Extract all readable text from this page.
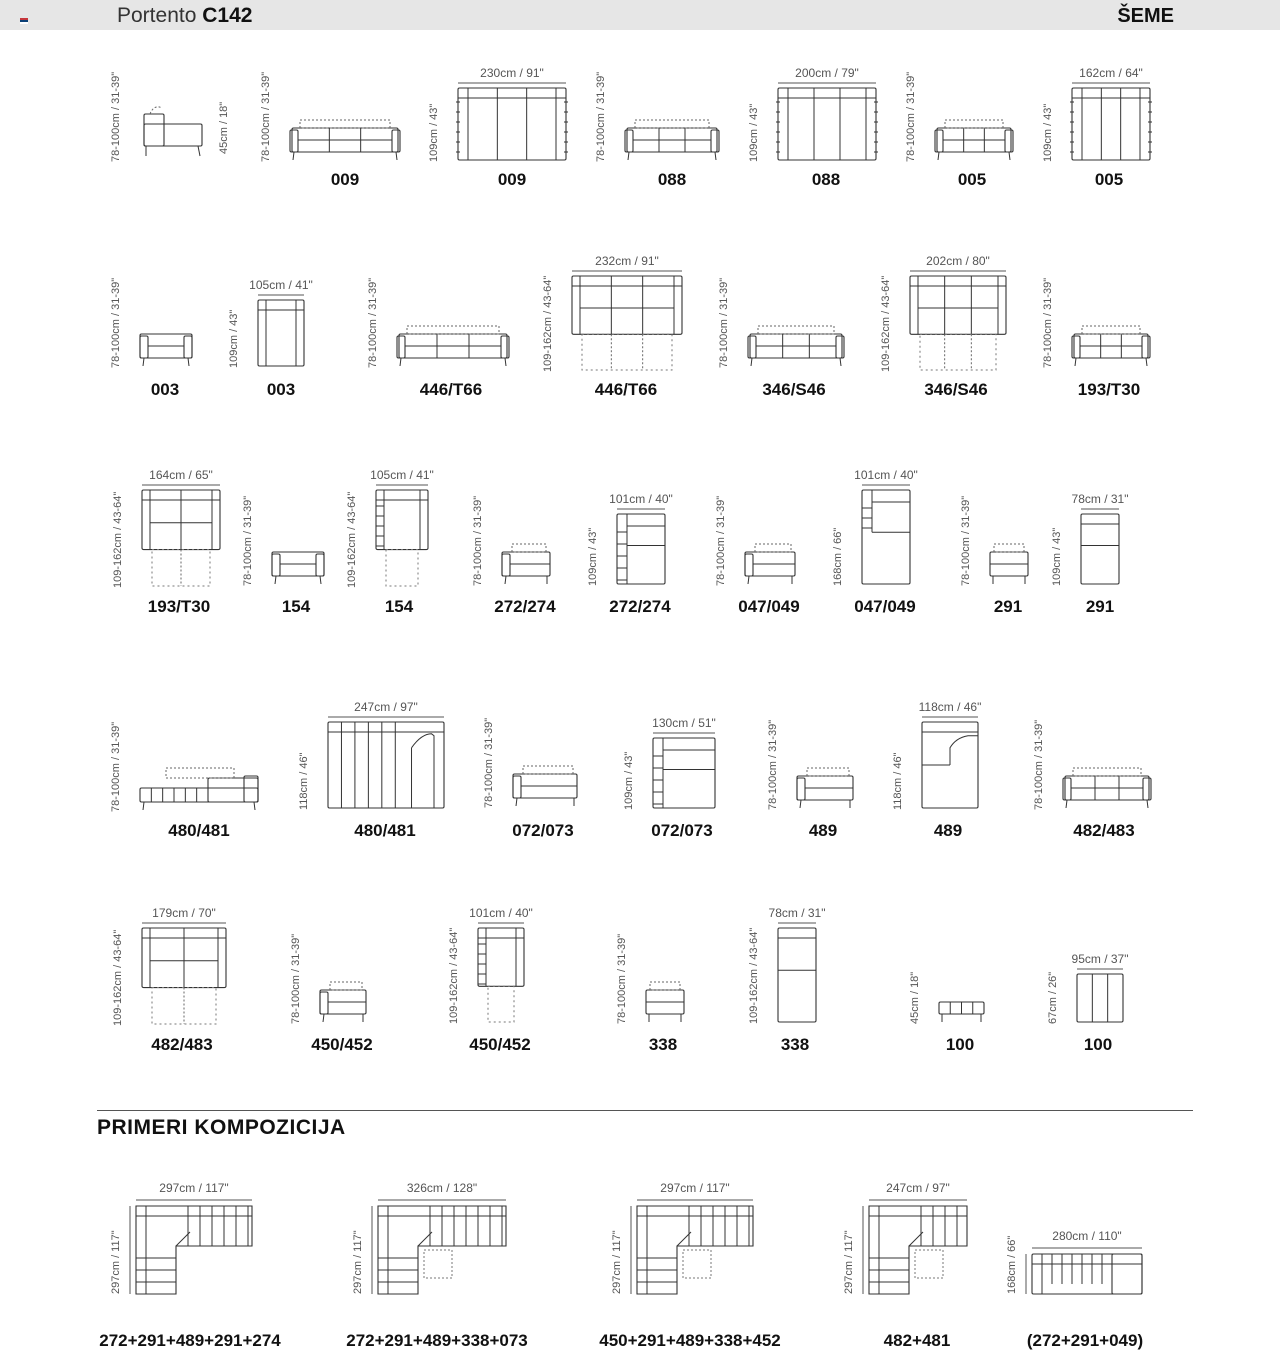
Portento C142	ŠEME
78-100cm / 31-39"	45cm / 18"	78-100cm / 31-39"
009
109cm / 43"
230cm / 91"
009
78-100cm / 31-39"
088
109cm / 43"
200cm / 79"
088
78-100cm / 31-39"
005
109cm / 43"
162cm / 64"
005
78-100cm / 31-39"
003
109cm / 43"
105cm / 41"
003
78-100cm / 31-39"
446/T66
109-162cm / 43-64"
232cm / 91"
446/T66
78-100cm / 31-39"
346/S46
109-162cm / 43-64"
202cm / 80"
346/S46
78-100cm / 31-39"
193/T30
109-162cm / 43-64"
164cm / 65"
193/T30
78-100cm / 31-39"
154
109-162cm / 43-64"
105cm / 41"
154
78-100cm / 31-39"
272/274
109cm / 43"
101cm / 40"
272/274
78-100cm / 31-39"
047/049
168cm / 66"
101cm / 40"
047/049
78-100cm / 31-39"
291
109cm / 43"
78cm / 31"
291
78-100cm / 31-39"
480/481
118cm / 46"
247cm / 97"
480/481
78-100cm / 31-39"
072/073
109cm / 43"
130cm / 51"
072/073
78-100cm / 31-39"
489
118cm / 46"
118cm / 46"
489
78-100cm / 31-39"
482/483
109-162cm / 43-64"
179cm / 70"
482/483
78-100cm / 31-39"
450/452
109-162cm / 43-64"
101cm / 40"
450/452
78-100cm / 31-39"
338
109-162cm / 43-64"
78cm / 31"
338
45cm / 18"
100
67cm / 26"
95cm / 37"
100
PRIMERI KOMPOZICIJA
297cm / 117"
297cm / 117"
272+291+489+291+274
326cm / 128"
297cm / 117"
272+291+489+338+073
297cm / 117"
297cm / 117"
450+291+489+338+452
247cm / 97"
297cm / 117"
482+481
280cm / 110"
168cm / 66"
(272+291+049)
